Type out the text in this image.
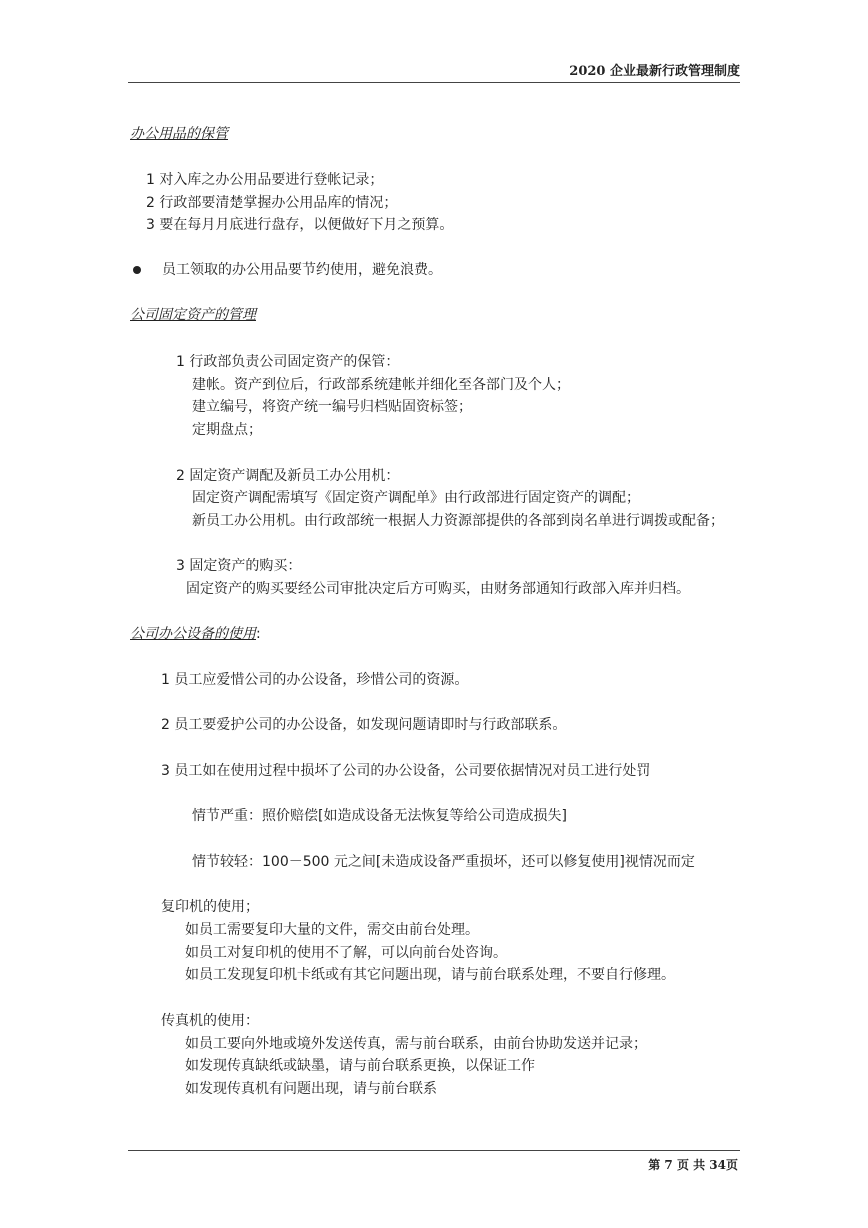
2020 企业最新行政管理制度
办公用品的保管
1 对入库之办公用品要进行登帐记录；
2 行政部要清楚掌握办公用品库的情况；
3 要在每月月底进行盘存，以便做好下月之预算。
员工领取的办公用品要节约使用，避免浪费。
公司固定资产的管理
1 行政部负责公司固定资产的保管：
建帐。资产到位后，行政部系统建帐并细化至各部门及个人；
建立编号，将资产统一编号归档贴固资标签；
定期盘点；
2 固定资产调配及新员工办公用机：
固定资产调配需填写《固定资产调配单》由行政部进行固定资产的调配；
新员工办公用机。由行政部统一根据人力资源部提供的各部到岗名单进行调拨或配备；
3 固定资产的购买：
固定资产的购买要经公司审批决定后方可购买，由财务部通知行政部入库并归档。
公司办公设备的使用:
1 员工应爱惜公司的办公设备，珍惜公司的资源。
2 员工要爱护公司的办公设备，如发现问题请即时与行政部联系。
3 员工如在使用过程中损坏了公司的办公设备，公司要依据情况对员工进行处罚
情节严重：照价赔偿[如造成设备无法恢复等给公司造成损失]
情节较轻：100－500 元之间[未造成设备严重损坏，还可以修复使用]视情况而定
复印机的使用；
如员工需要复印大量的文件，需交由前台处理。
如员工对复印机的使用不了解，可以向前台处咨询。
如员工发现复印机卡纸或有其它问题出现，请与前台联系处理，不要自行修理。
传真机的使用：
如员工要向外地或境外发送传真，需与前台联系，由前台协助发送并记录；
如发现传真缺纸或缺墨，请与前台联系更换，以保证工作
如发现传真机有问题出现，请与前台联系
第 7 页 共 34页
